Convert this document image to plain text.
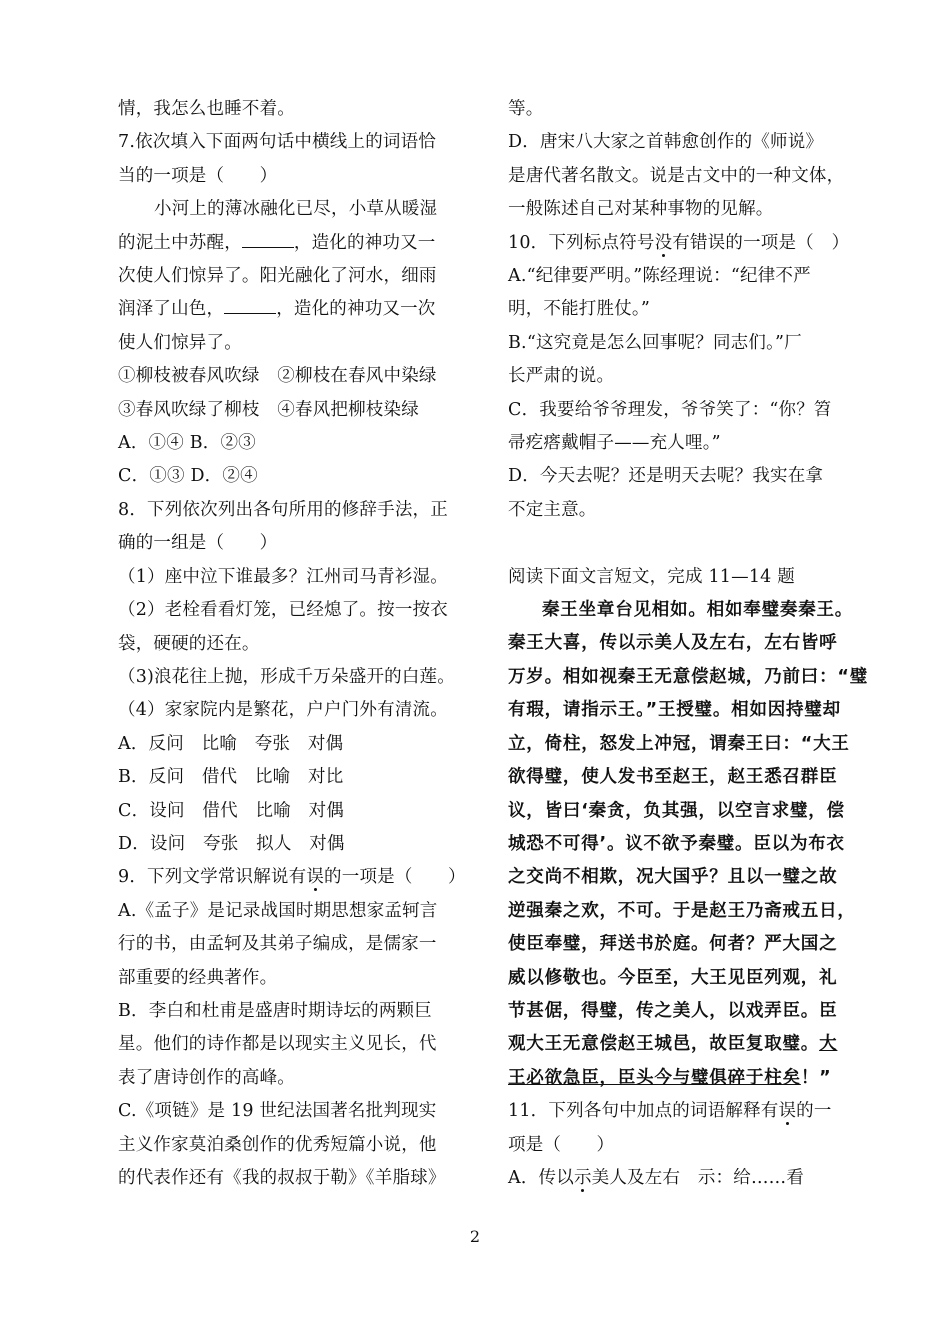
情，我怎么也睡不着。
7.依次填入下面两句话中横线上的词语恰
当的一项是（　　）
小河上的薄冰融化已尽，小草从暖湿
的泥土中苏醒，	，造化的神功又一
次使人们惊异了。阳光融化了河水，细雨
润泽了山色，	，造化的神功又一次
使人们惊异了。
①柳枝被春风吹绿　②柳枝在春风中染绿
③春风吹绿了柳枝　④春风把柳枝染绿
A．①④ B．②③
C．①③ D．②④
8．下列依次列出各句所用的修辞手法，正
确的一组是（　　）
（1）座中泣下谁最多？江州司马青衫湿。
（2）老栓看看灯笼，已经熄了。按一按衣
袋，硬硬的还在。
（3)浪花往上抛，形成千万朵盛开的白莲。
（4）家家院内是繁花，户户门外有清流。
A．反问　比喻　夸张　对偶
B．反问　借代　比喻　对比
C．设问　借代　比喻　对偶
D．设问　夸张　拟人　对偶
9．下列文学常识解说有误的一项是（　　）
A.《孟子》是记录战国时期思想家孟轲言
行的书，由孟轲及其弟子编成，是儒家一
部重要的经典著作。
B．李白和杜甫是盛唐时期诗坛的两颗巨
星。他们的诗作都是以现实主义见长，代
表了唐诗创作的高峰。
C.《项链》是 19 世纪法国著名批判现实
主义作家莫泊桑创作的优秀短篇小说，他
的代表作还有《我的叔叔于勒》《羊脂球》
等。
D．唐宋八大家之首韩愈创作的《师说》
是唐代著名散文。说是古文中的一种文体，
一般陈述自己对某种事物的见解。
10．下列标点符号没有错误的一项是（　）
A.“纪律要严明。”陈经理说：“纪律不严
明，不能打胜仗。”
B.“这究竟是怎么回事呢？同志们。”厂
长严肃的说。
C．我要给爷爷理发，爷爷笑了：“你？笤
帚疙瘩戴帽子——充人哩。”
D．今天去呢？还是明天去呢？我实在拿
不定主意。
阅读下面文言短文，完成 11—14 题
秦王坐章台见相如。相如奉璧奏秦王。
秦王大喜，传以示美人及左右，左右皆呼
万岁。相如视秦王无意偿赵城，乃前曰：“璧
有瑕，请指示王。”王授璧。相如因持璧却
立，倚柱，怒发上冲冠，谓秦王曰：“大王
欲得璧，使人发书至赵王，赵王悉召群臣
议，皆曰‘秦贪，负其强，以空言求璧，偿
城恐不可得’。议不欲予秦璧。臣以为布衣
之交尚不相欺，况大国乎？且以一璧之故
逆强秦之欢，不可。于是赵王乃斋戒五日，
使臣奉璧，拜送书於庭。何者？严大国之
威以修敬也。今臣至，大王见臣列观，礼
节甚倨，得璧，传之美人，以戏弄臣。臣
观大王无意偿赵王城邑，故臣复取璧。大
王必欲急臣，臣头今与璧俱碎于柱矣！”
11．下列各句中加点的词语解释有误的一
项是（　　）
A．传以示美人及左右　示：给……看
2
